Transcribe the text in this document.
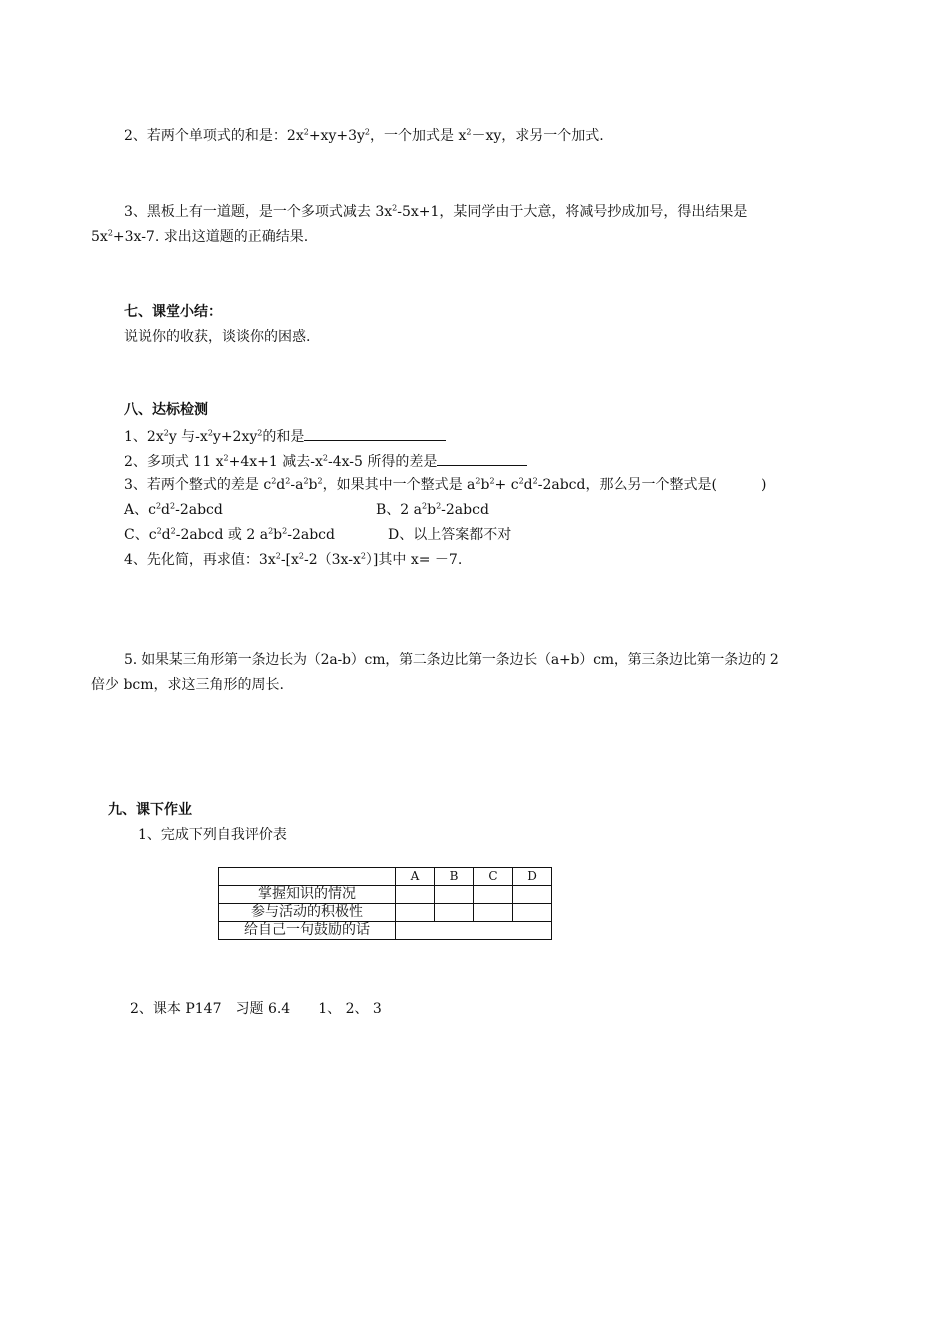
2、若两个单项式的和是：$2x^2+xy+3y^2$，一个加式是 $x^2-xy$，求另一个加式.
3、黑板上有一道题，是一个多项式减去 $3x^2-5x+1$，某同学由于大意，将减号抄成加号，得出结果是
$5x^2+3x-7$. 求出这道题的正确结果.
七、课堂小结：
说说你的收获，谈谈你的困惑.
八、达标检测
1、$2x^2y$ 与$-x^2y+2xy^2$的和是
2、多项式 11 $x^2+4x+1$ 减去$-x^2-4x-5$ 所得的差是
3、若两个整式的差是 $c^2d^2-a^2b^2$，如果其中一个整式是 $a^2b^2+$ $c^2d^2-2abcd$，那么另一个整式是(	)
A、$c^2d^2-2abcd$	B、2 $a^2b^2-2abcd$
C、$c^2d^2-2abcd$ 或 2 $a^2b^2-2abcd$	D、以上答案都不对
4、先化简，再求值：$3x^2-[x^2-2(3x-x^2)]$其中 x= －7.
5. 如果某三角形第一条边长为（2a-b）cm，第二条边比第一条边长（a+b）cm，第三条边比第一条边的 2
倍少 bcm，求这三角形的周长.
九、课下作业
1、完成下列自我评价表
	A	B	C	D
掌握知识的情况				
参与活动的积极性				
给自己一句鼓励的话				
2、课本 P147　习题 6.4　　1、 2、 3
